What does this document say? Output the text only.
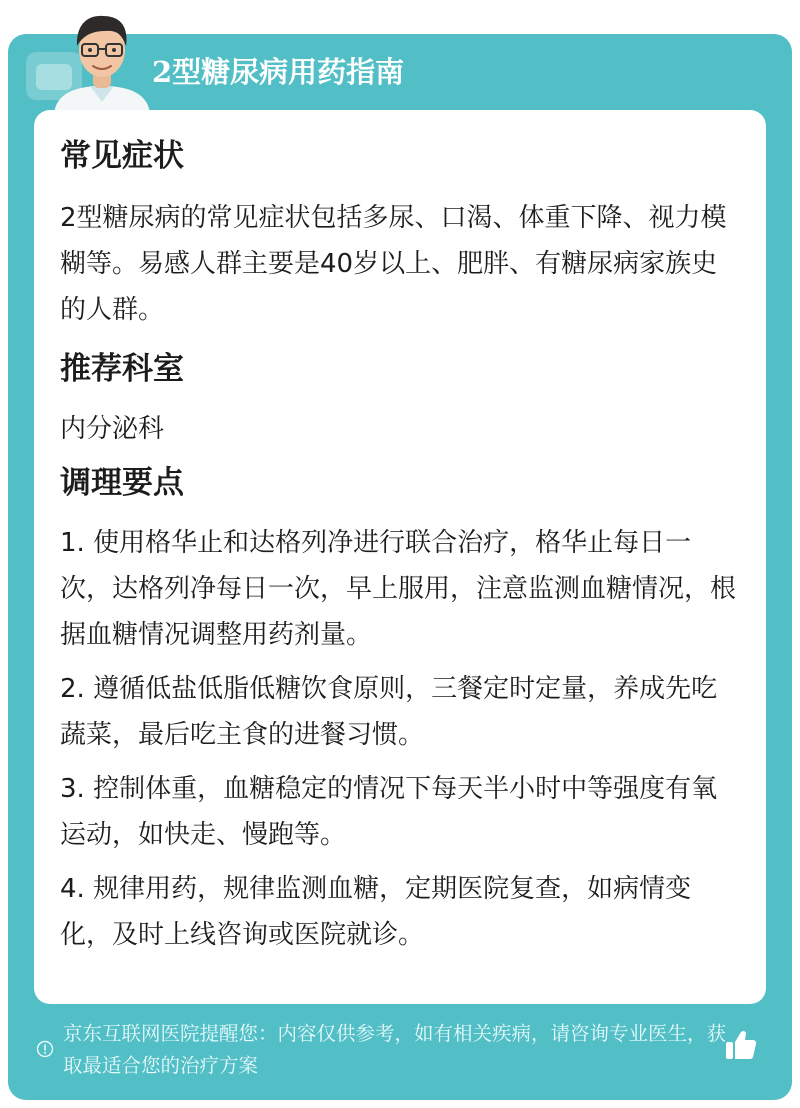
2型糖尿病用药指南
常见症状

2型糖尿病的常见症状包括多尿、口渴、体重下降、视力模糊等。易感人群主要是40岁以上、肥胖、有糖尿病家族史的人群。

推荐科室

内分泌科

调理要点

1. 使用格华止和达格列净进行联合治疗，格华止每日一次，达格列净每日一次，早上服用，注意监测血糖情况，根据血糖情况调整用药剂量。

2. 遵循低盐低脂低糖饮食原则，三餐定时定量，养成先吃蔬菜，最后吃主食的进餐习惯。

3. 控制体重，血糖稳定的情况下每天半小时中等强度有氧运动，如快走、慢跑等。

4. 规律用药，规律监测血糖，定期医院复查，如病情变化，及时上线咨询或医院就诊。

京东互联网医院提醒您：内容仅供参考，如有相关疾病，请咨询专业医生，获取最适合您的治疗方案
